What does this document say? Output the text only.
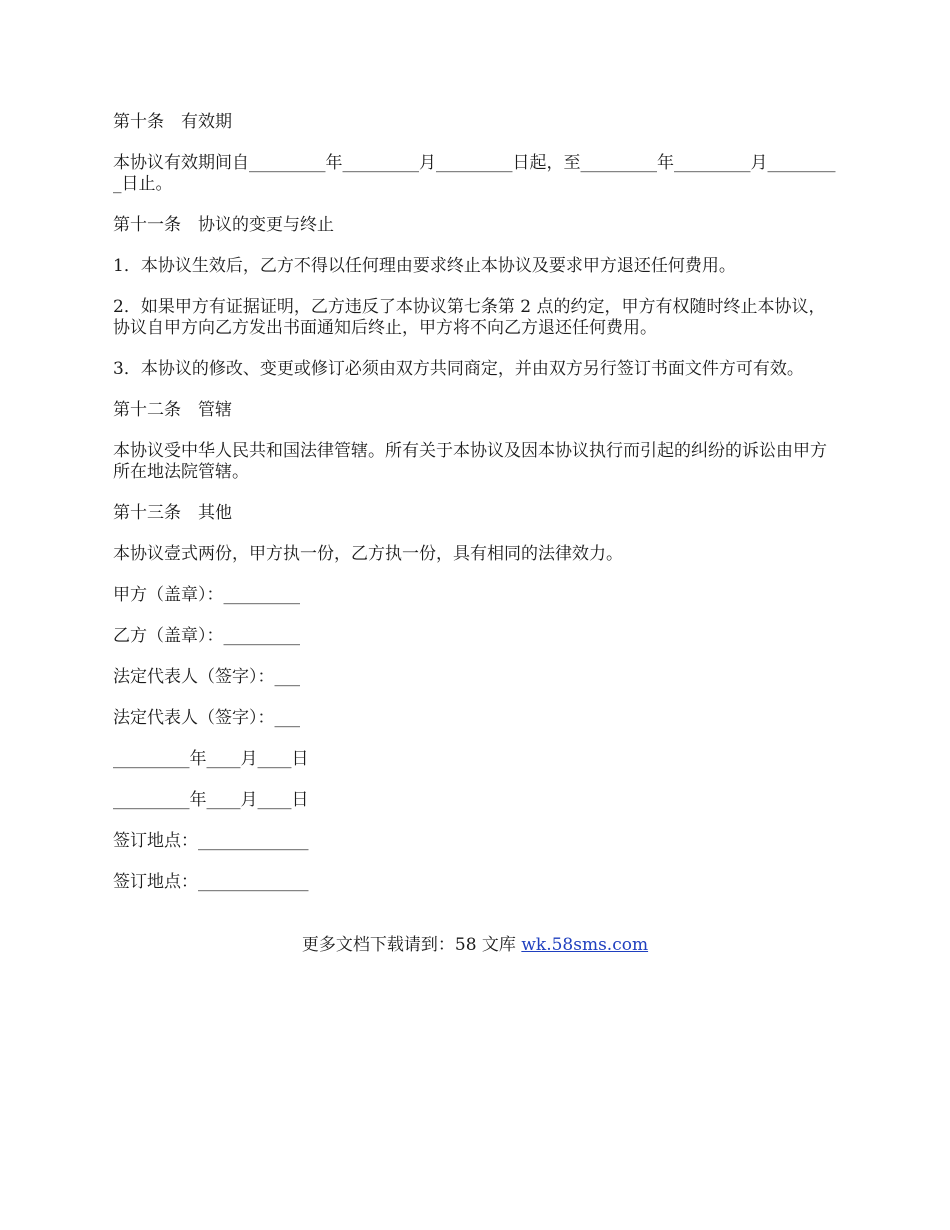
第十条　有效期

本协议有效期间自_________年_________月_________日起，至_________年_________月_________日止。

第十一条　协议的变更与终止

1．本协议生效后，乙方不得以任何理由要求终止本协议及要求甲方退还任何费用。

2．如果甲方有证据证明，乙方违反了本协议第七条第 2 点的约定，甲方有权随时终止本协议，协议自甲方向乙方发出书面通知后终止，甲方将不向乙方退还任何费用。

3．本协议的修改、变更或修订必须由双方共同商定，并由双方另行签订书面文件方可有效。

第十二条　管辖

本协议受中华人民共和国法律管辖。所有关于本协议及因本协议执行而引起的纠纷的诉讼由甲方所在地法院管辖。

第十三条　其他

本协议壹式两份，甲方执一份，乙方执一份，具有相同的法律效力。

甲方（盖章）：_________

乙方（盖章）：_________

法定代表人（签字）：___

法定代表人（签字）：___

_________年____月____日

_________年____月____日

签订地点：_____________

签订地点：_____________

更多文档下载请到：58 文库 wk.58sms.com
